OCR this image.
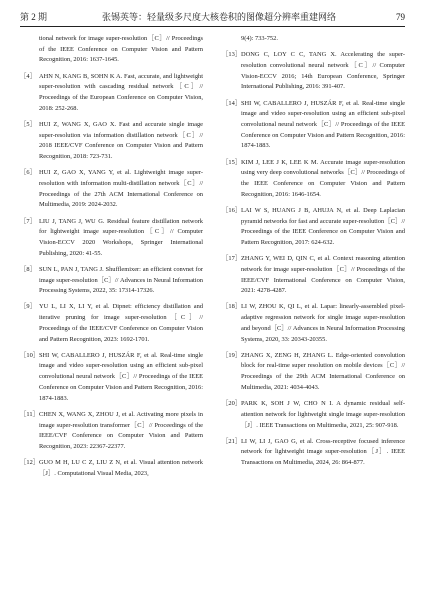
第 2 期	张锡英等：轻量级多尺度大核卷积的图像超分辨率重建网络	79
tional network for image super-resolution［C］// Proceedings of the IEEE Conference on Computer Vision and Pattern Recognition, 2016: 1637-1645.
［4］ AHN N, KANG B, SOHN K A. Fast, accurate, and lightweight super-resolution with cascading residual network［C］// Proceedings of the European Conference on Computer Vision, 2018: 252-268.
［5］ HUI Z, WANG X, GAO X. Fast and accurate single image super-resolution via information distillation network［C］// 2018 IEEE/CVF Conference on Computer Vision and Pattern Recognition, 2018: 723-731.
［6］ HUI Z, GAO X, YANG Y, et al. Lightweight image super-resolution with information multi-distillation network［C］// Proceedings of the 27th ACM International Conference on Multimedia, 2019: 2024-2032.
［7］ LIU J, TANG J, WU G. Residual feature distillation network for lightweight image super-resolution［C］// Computer Vision-ECCV 2020 Workshops, Springer International Publishing, 2020: 41-55.
［8］ SUN L, PAN J, TANG J. Shufflemixer: an efficient convnet for image super-resolution［C］// Advances in Neural Information Processing Systems, 2022, 35: 17314-17326.
［9］ YU L, LI X, LI Y, et al. Dipnet: efficiency distillation and iterative pruning for image super-resolution［C］// Proceedings of the IEEE/CVF Conference on Computer Vision and Pattern Recognition, 2023: 1692-1701.
［10］ SHI W, CABALLERO J, HUSZÁR F, et al. Real-time single image and video super-resolution using an efficient sub-pixel convolutional neural network［C］// Proceedings of the IEEE Conference on Computer Vision and Pattern Recognition, 2016: 1874-1883.
［11］ CHEN X, WANG X, ZHOU J, et al. Activating more pixels in image super-resolution transformer［C］// Proceedings of the IEEE/CVF Conference on Computer Vision and Pattern Recognition, 2023: 22367-22377.
［12］ GUO M H, LU C Z, LIU Z N, et al. Visual attention network［J］. Computational Visual Media, 2023,
9(4): 733-752.
［13］ DONG C, LOY C C, TANG X. Accelerating the super-resolution convolutional neural network［C］// Computer Vision-ECCV 2016; 14th European Conference, Springer International Publishing, 2016: 391-407.
［14］ SHI W, CABALLERO J, HUSZÁR F, et al. Real-time single image and video super-resolution using an efficient sub-pixel convolutional neural network［C］// Proceedings of the IEEE Conference on Computer Vision and Pattern Recognition, 2016: 1874-1883.
［15］ KIM J, LEE J K, LEE K M. Accurate image super-resolution using very deep convolutional networks［C］// Proceedings of the IEEE Conference on Computer Vision and Pattern Recognition, 2016: 1646-1654.
［16］ LAI W S, HUANG J B, AHUJA N, et al. Deep Laplacian pyramid networks for fast and accurate super-resolution［C］// Proceedings of the IEEE Conference on Computer Vision and Pattern Recognition, 2017: 624-632.
［17］ ZHANG Y, WEI D, QIN C, et al. Context reasoning attention network for image super-resolution［C］// Proceedings of the IEEE/CVF International Conference on Computer Vision, 2021: 4278-4287.
［18］ LI W, ZHOU K, QI L, et al. Lapar: linearly-assembled pixel-adaptive regression network for single image super-resolution and beyond［C］// Advances in Neural Information Processing Systems, 2020, 33: 20343-20355.
［19］ ZHANG X, ZENG H, ZHANG L. Edge-oriented convolution block for real-time super resolution on mobile devices［C］// Proceedings of the 29th ACM International Conference on Multimedia, 2021: 4034-4043.
［20］ PARK K, SOH J W, CHO N I. A dynamic residual self-attention network for lightweight single image super-resolution［J］. IEEE Transactions on Multimedia, 2021, 25: 907-918.
［21］ LI W, LI J, GAO G, et al. Cross-receptive focused inference network for lightweight image super-resolution［J］. IEEE Transactions on Multimedia, 2024, 26: 864-877.
